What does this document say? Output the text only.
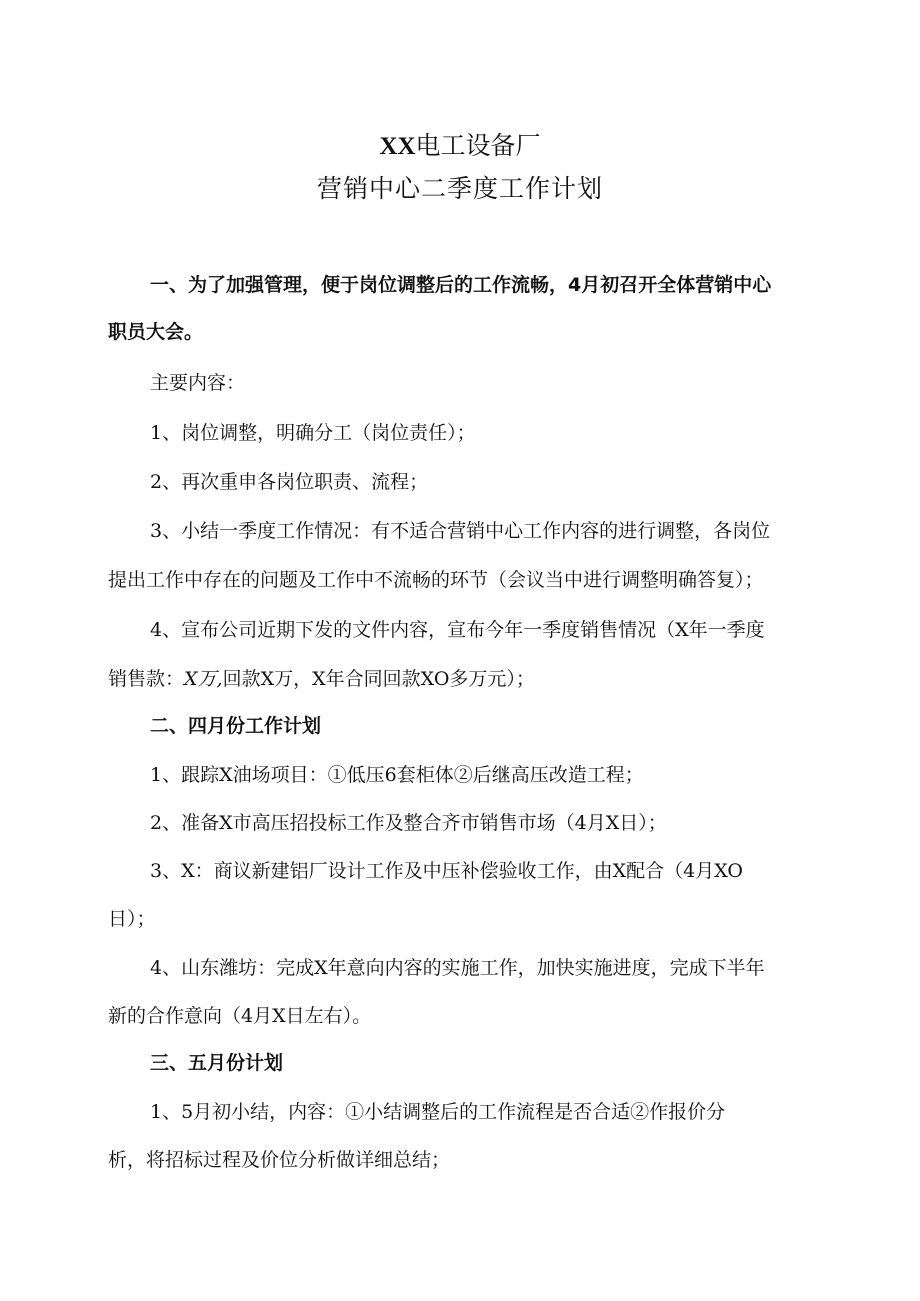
XX电工设备厂
营销中心二季度工作计划
一、为了加强管理，便于岗位调整后的工作流畅，4月初召开全体营销中心
职员大会。
主要内容：
1、岗位调整，明确分工（岗位责任）；
2、再次重申各岗位职责、流程；
3、小结一季度工作情况：有不适合营销中心工作内容的进行调整，各岗位
提出工作中存在的问题及工作中不流畅的环节（会议当中进行调整明确答复）；
4、宣布公司近期下发的文件内容，宣布今年一季度销售情况（X年一季度
销售款：X万,回款X万，X年合同回款XO多万元）；
二、四月份工作计划
1、跟踪X油场项目：①低压6套柜体②后继高压改造工程；
2、准备X市高压招投标工作及整合齐市销售市场（4月X日）；
3、X：商议新建铝厂设计工作及中压补偿验收工作，由X配合（4月XO
日）；
4、山东潍坊：完成X年意向内容的实施工作，加快实施进度，完成下半年
新的合作意向（4月X日左右）。
三、五月份计划
1、5月初小结，内容：①小结调整后的工作流程是否合适②作报价分
析，将招标过程及价位分析做详细总结；
